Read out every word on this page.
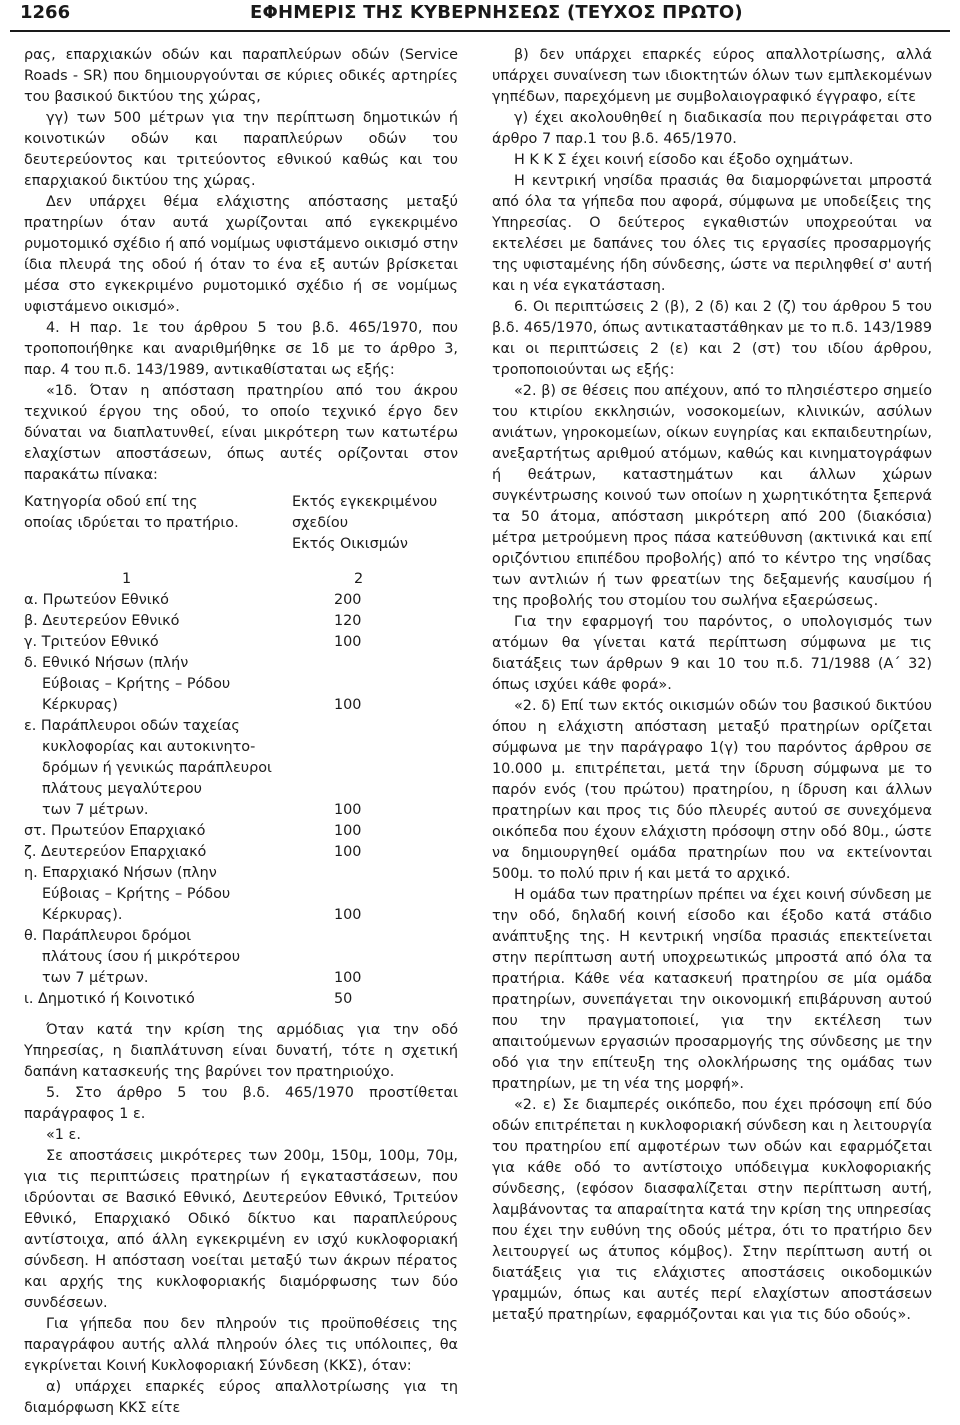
1266	ΕΦΗΜΕΡΙΣ ΤΗΣ ΚΥΒΕΡΝΗΣΕΩΣ (ΤΕΥΧΟΣ ΠΡΩΤΟ)

ρας, επαρχιακών οδών και παραπλεύρων οδών (Service Roads - SR) που δημιουργούνται σε κύριες οδικές αρτηρίες του βασικού δικτύου της χώρας,

γγ) των 500 μέτρων για την περίπτωση δημοτικών ή κοινοτικών οδών και παραπλεύρων οδών του δευτερεύοντος και τριτεύοντος εθνικού καθώς και του επαρχιακού δικτύου της χώρας.

Δεν υπάρχει θέμα ελάχιστης απόστασης μεταξύ πρατηρίων όταν αυτά χωρίζονται από εγκεκριμένο ρυμοτομικό σχέδιο ή από νομίμως υφιστάμενο οικισμό στην ίδια πλευρά της οδού ή όταν το ένα εξ αυτών βρίσκεται μέσα στο εγκεκριμένο ρυμοτομικό σχέδιο ή σε νομίμως υφιστάμενο οικισμό».

4. Η παρ. 1ε του άρθρου 5 του β.δ. 465/1970, που τροποποιήθηκε και αναριθμήθηκε σε 1δ με το άρθρο 3, παρ. 4 του π.δ. 143/1989, αντικαθίσταται ως εξής:

«1δ. Όταν η απόσταση πρατηρίου από του άκρου τεχνικού έργου της οδού, το οποίο τεχνικό έργο δεν δύναται να διαπλατυνθεί, είναι μικρότερη των κατωτέρω ελαχίστων αποστάσεων, όπως αυτές ορίζονται στον παρακάτω πίνακα:

Κατηγορία οδού επί της
οποίας ιδρύεται το πρατήριο.
Εκτός εγκεκριμένου
σχεδίου
Εκτός Οικισμών
1	2
α. Πρωτεύον Εθνικό	200
β. Δευτερεύον Εθνικό	120
γ. Τριτεύον Εθνικό	100
δ. Εθνικό Νήσων (πλήν
Εύβοιας – Κρήτης – Ρόδου
Κέρκυρας)	100
ε. Παράπλευροι οδών ταχείας
κυκλοφορίας και αυτοκινητο-
δρόμων ή γενικώς παράπλευροι
πλάτους μεγαλύτερου
των 7 μέτρων.	100
στ. Πρωτεύον Επαρχιακό	100
ζ. Δευτερεύον Επαρχιακό	100
η. Επαρχιακό Νήσων (πλην
Εύβοιας – Κρήτης – Ρόδου
Κέρκυρας).	100
θ. Παράπλευροι δρόμοι
πλάτους ίσου ή μικρότερου
των 7 μέτρων.	100
ι. Δημοτικό ή Κοινοτικό	50

Όταν κατά την κρίση της αρμόδιας για την οδό Υπηρεσίας, η διαπλάτυνση είναι δυνατή, τότε η σχετική δαπάνη κατασκευής της βαρύνει τον πρατηριούχο.

5. Στο άρθρο 5 του β.δ. 465/1970 προστίθεται παράγραφος 1 ε.

«1 ε.

Σε αποστάσεις μικρότερες των 200μ, 150μ, 100μ, 70μ, για τις περιπτώσεις πρατηρίων ή εγκαταστάσεων, που ιδρύονται σε Βασικό Εθνικό, Δευτερεύον Εθνικό, Τριτεύον Εθνικό, Επαρχιακό Οδικό δίκτυο και παραπλεύρους αντίστοιχα, από άλλη εγκεκριμένη εν ισχύ κυκλοφοριακή σύνδεση. Η απόσταση νοείται μεταξύ των άκρων πέρατος και αρχής της κυκλοφοριακής διαμόρφωσης των δύο συνδέσεων.

Για γήπεδα που δεν πληρούν τις προϋποθέσεις της παραγράφου αυτής αλλά πληρούν όλες τις υπόλοιπες, θα εγκρίνεται Κοινή Κυκλοφοριακή Σύνδεση (ΚΚΣ), όταν:

α) υπάρχει επαρκές εύρος απαλλοτρίωσης για τη διαμόρφωση ΚΚΣ είτε

β) δεν υπάρχει επαρκές εύρος απαλλοτρίωσης, αλλά υπάρχει συναίνεση των ιδιοκτητών όλων των εμπλεκομένων γηπέδων, παρεχόμενη με συμβολαιογραφικό έγγραφο, είτε

γ) έχει ακολουθηθεί η διαδικασία που περιγράφεται στο άρθρο 7 παρ.1 του β.δ. 465/1970.

Η Κ Κ Σ έχει κοινή είσοδο και έξοδο οχημάτων.

Η κεντρική νησίδα πρασιάς θα διαμορφώνεται μπροστά από όλα τα γήπεδα που αφορά, σύμφωνα με υποδείξεις της Υπηρεσίας. Ο δεύτερος εγκαθιστών υποχρεούται να εκτελέσει με δαπάνες του όλες τις εργασίες προσαρμογής της υφισταμένης ήδη σύνδεσης, ώστε να περιληφθεί σ' αυτή και η νέα εγκατάσταση.

6. Οι περιπτώσεις 2 (β), 2 (δ) και 2 (ζ) του άρθρου 5 του β.δ. 465/1970, όπως αντικαταστάθηκαν με το π.δ. 143/1989 και οι περιπτώσεις 2 (ε) και 2 (στ) του ιδίου άρθρου, τροποποιούνται ως εξής:

«2. β) σε θέσεις που απέχουν, από το πλησιέστερο σημείο του κτιρίου εκκλησιών, νοσοκομείων, κλινικών, ασύλων ανιάτων, γηροκομείων, οίκων ευγηρίας και εκπαιδευτηρίων, ανεξαρτήτως αριθμού ατόμων, καθώς και κινηματογράφων ή θεάτρων, καταστημάτων και άλλων χώρων συγκέντρωσης κοινού των οποίων η χωρητικότητα ξεπερνά τα 50 άτομα, απόσταση μικρότερη από 200 (διακόσια) μέτρα μετρούμενη προς πάσα κατεύθυνση (ακτινικά και επί οριζόντιου επιπέδου προβολής) από το κέντρο της νησίδας των αντλιών ή των φρεατίων της δεξαμενής καυσίμου ή της προβολής του στομίου του σωλήνα εξαερώσεως.

Για την εφαρμογή του παρόντος, ο υπολογισμός των ατόμων θα γίνεται κατά περίπτωση σύμφωνα με τις διατάξεις των άρθρων 9 και 10 του π.δ. 71/1988 (Α΄ 32) όπως ισχύει κάθε φορά».

«2. δ) Επί των εκτός οικισμών οδών του βασικού δικτύου όπου η ελάχιστη απόσταση μεταξύ πρατηρίων ορίζεται σύμφωνα με την παράγραφο 1(γ) του παρόντος άρθρου σε 10.000 μ. επιτρέπεται, μετά την ίδρυση σύμφωνα με το παρόν ενός (του πρώτου) πρατηρίου, η ίδρυση και άλλων πρατηρίων και προς τις δύο πλευρές αυτού σε συνεχόμενα οικόπεδα που έχουν ελάχιστη πρόσοψη στην οδό 80μ., ώστε να δημιουργηθεί ομάδα πρατηρίων που να εκτείνονται 500μ. το πολύ πριν ή και μετά το αρχικό.

Η ομάδα των πρατηρίων πρέπει να έχει κοινή σύνδεση με την οδό, δηλαδή κοινή είσοδο και έξοδο κατά στάδιο ανάπτυξης της. Η κεντρική νησίδα πρασιάς επεκτείνεται στην περίπτωση αυτή υποχρεωτικώς μπροστά από όλα τα πρατήρια. Κάθε νέα κατασκευή πρατηρίου σε μία ομάδα πρατηρίων, συνεπάγεται την οικονομική επιβάρυνση αυτού που την πραγματοποιεί, για την εκτέλεση των απαιτούμενων εργασιών προσαρμογής της σύνδεσης με την οδό για την επίτευξη της ολοκλήρωσης της ομάδας των πρατηρίων, με τη νέα της μορφή».

«2. ε) Σε διαμπερές οικόπεδο, που έχει πρόσοψη επί δύο οδών επιτρέπεται η κυκλοφοριακή σύνδεση και η λειτουργία του πρατηρίου επί αμφοτέρων των οδών και εφαρμόζεται για κάθε οδό το αντίστοιχο υπόδειγμα κυκλοφοριακής σύνδεσης, (εφόσον διασφαλίζεται στην περίπτωση αυτή, λαμβάνοντας τα απαραίτητα κατά την κρίση της υπηρεσίας που έχει την ευθύνη της οδούς μέτρα, ότι το πρατήριο δεν λειτουργεί ως άτυπος κόμβος). Στην περίπτωση αυτή οι διατάξεις για τις ελάχιστες αποστάσεις οικοδομικών γραμμών, όπως και αυτές περί ελαχίστων αποστάσεων μεταξύ πρατηρίων, εφαρμόζονται και για τις δύο οδούς».
